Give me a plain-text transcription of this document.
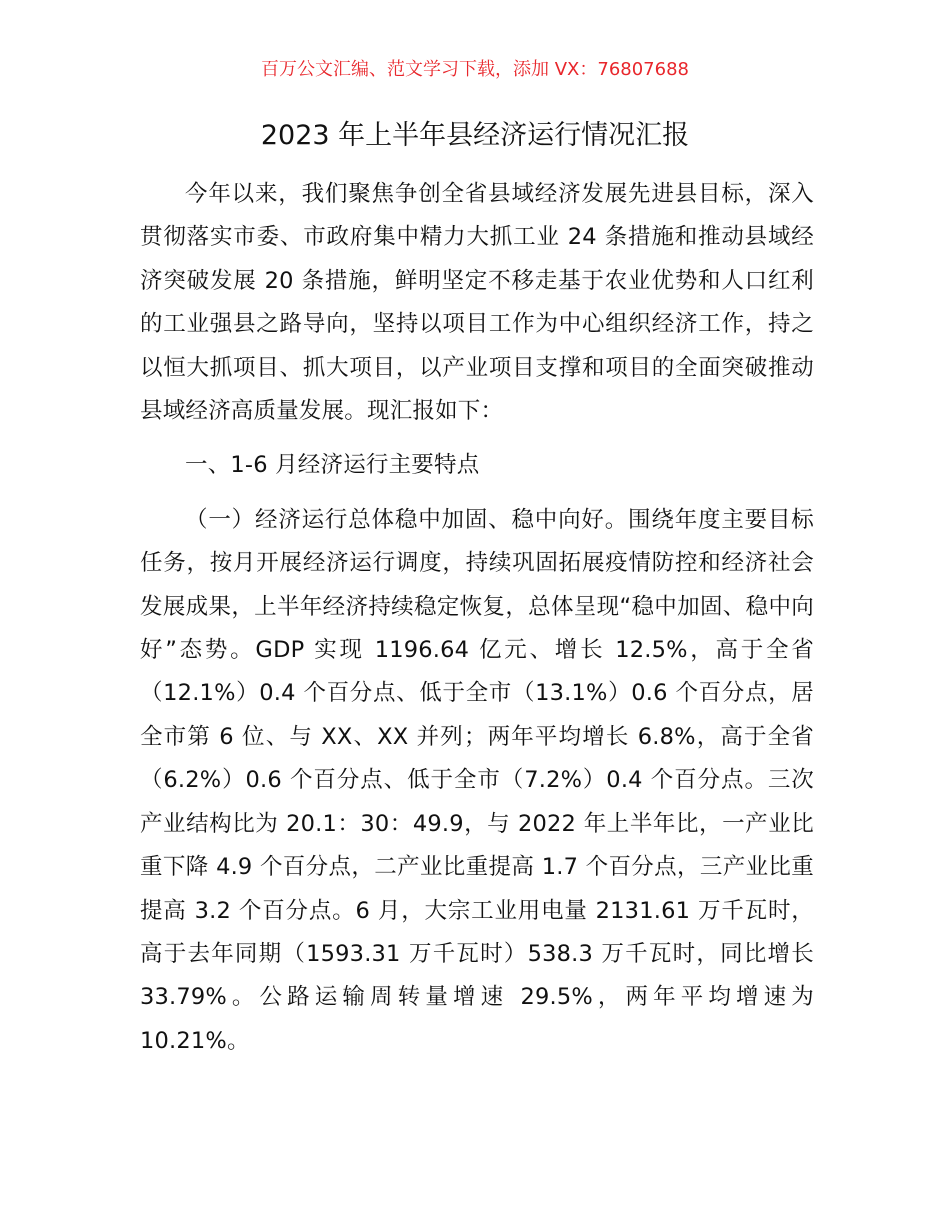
百万公文汇编、范文学习下载，添加 VX：76807688
2023 年上半年县经济运行情况汇报

今年以来，我们聚焦争创全省县域经济发展先进县目标，深入贯彻落实市委、市政府集中精力大抓工业 24 条措施和推动县域经济突破发展 20 条措施，鲜明坚定不移走基于农业优势和人口红利的工业强县之路导向，坚持以项目工作为中心组织经济工作，持之以恒大抓项目、抓大项目，以产业项目支撑和项目的全面突破推动县域经济高质量发展。现汇报如下：

一、1-6 月经济运行主要特点

（一）经济运行总体稳中加固、稳中向好。围绕年度主要目标任务，按月开展经济运行调度，持续巩固拓展疫情防控和经济社会发展成果，上半年经济持续稳定恢复，总体呈现“稳中加固、稳中向好”态势。GDP 实现 1196.64 亿元、增长 12.5%，高于全省（12.1%）0.4 个百分点、低于全市（13.1%）0.6 个百分点，居全市第 6 位、与 XX、XX 并列；两年平均增长 6.8%，高于全省（6.2%）0.6 个百分点、低于全市（7.2%）0.4 个百分点。三次产业结构比为 20.1：30：49.9，与 2022 年上半年比，一产业比重下降 4.9 个百分点，二产业比重提高 1.7 个百分点，三产业比重提高 3.2 个百分点。6 月，大宗工业用电量 2131.61 万千瓦时，高于去年同期（1593.31 万千瓦时）538.3 万千瓦时，同比增长 33.79%。公路运输周转量增速 29.5%，两年平均增速为 10.21%。
